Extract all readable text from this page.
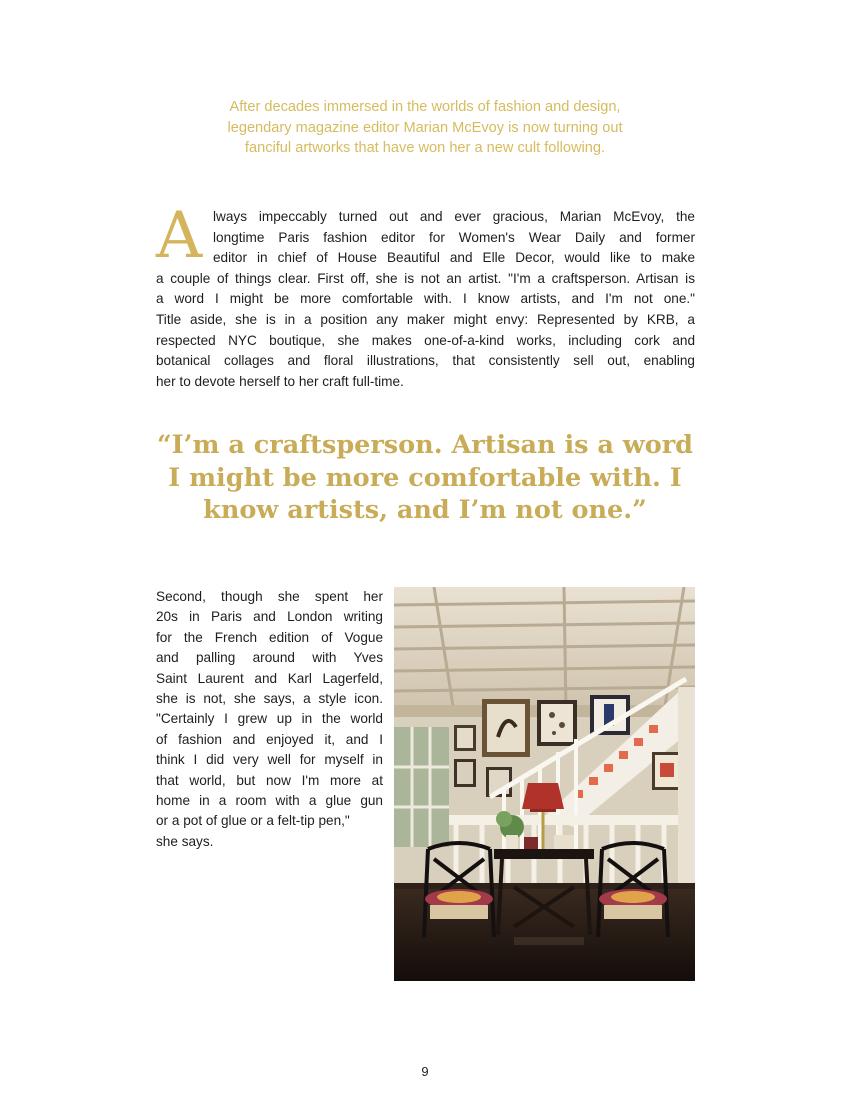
After decades immersed in the worlds of fashion and design,
legendary magazine editor Marian McEvoy is now turning out
fanciful artworks that have won her a new cult following.
A lways impeccably turned out and ever gracious, Marian McEvoy, the
longtime Paris fashion editor for Women's Wear Daily and former
editor in chief of House Beautiful and Elle Decor, would like to make
a couple of things clear. First off, she is not an artist. "I'm a craftsperson. Artisan is
a word I might be more comfortable with. I know artists, and I'm not one."
Title aside, she is in a position any maker might envy: Represented by KRB, a
respected NYC boutique, she makes one-of-a-kind works, including cork and
botanical collages and floral illustrations, that consistently sell out, enabling
her to devote herself to her craft full-time.
“I’m a craftsperson. Artisan is a word
I might be more comfortable with. I
know artists, and I’m not one.”
Second, though she spent her
20s in Paris and London writing
for the French edition of Vogue
and palling around with Yves
Saint Laurent and Karl Lagerfeld,
she is not, she says, a style icon.
"Certainly I grew up in the world
of fashion and enjoyed it, and I
think I did very well for myself in
that world, but now I'm more at
home in a room with a glue gun
or a pot of glue or a felt-tip pen,"
she says.
9
